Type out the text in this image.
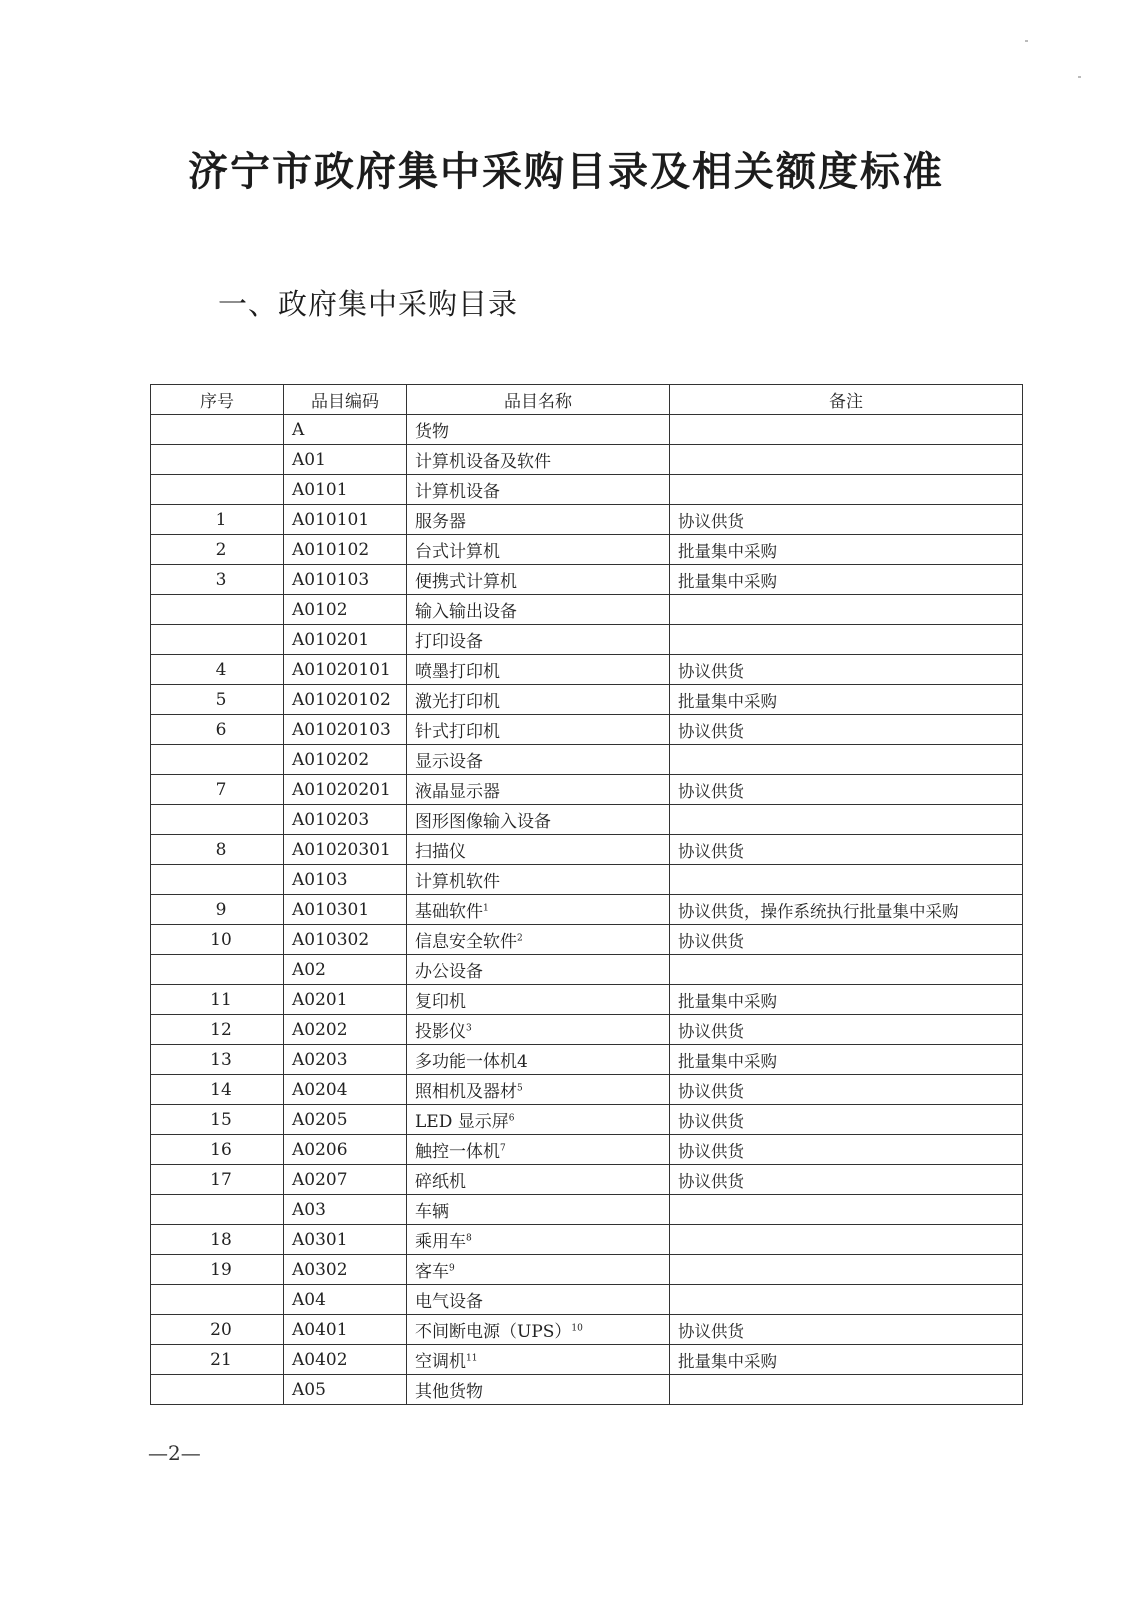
济宁市政府集中采购目录及相关额度标准
一、政府集中采购目录
序号	品目编码	品目名称	备注
	A	货物	
	A01	计算机设备及软件	
	A0101	计算机设备	
1	A010101	服务器	协议供货
2	A010102	台式计算机	批量集中采购
3	A010103	便携式计算机	批量集中采购
	A0102	输入输出设备	
	A010201	打印设备	
4	A01020101	喷墨打印机	协议供货
5	A01020102	激光打印机	批量集中采购
6	A01020103	针式打印机	协议供货
	A010202	显示设备	
7	A01020201	液晶显示器	协议供货
	A010203	图形图像输入设备	
8	A01020301	扫描仪	协议供货
	A0103	计算机软件	
9	A010301	基础软件$^1$	协议供货，操作系统执行批量集中采购
10	A010302	信息安全软件$^2$	协议供货
	A02	办公设备	
11	A0201	复印机	批量集中采购
12	A0202	投影仪$^3$	协议供货
13	A0203	多功能一体机4	批量集中采购
14	A0204	照相机及器材$^5$	协议供货
15	A0205	LED 显示屏$^6$	协议供货
16	A0206	触控一体机$^7$	协议供货
17	A0207	碎纸机	协议供货
	A03	车辆	
18	A0301	乘用车$^8$	
19	A0302	客车$^9$	
	A04	电气设备	
20	A0401	不间断电源（UPS）$^{10}$	协议供货
21	A0402	空调机$^{11}$	批量集中采购
	A05	其他货物	
—2—
